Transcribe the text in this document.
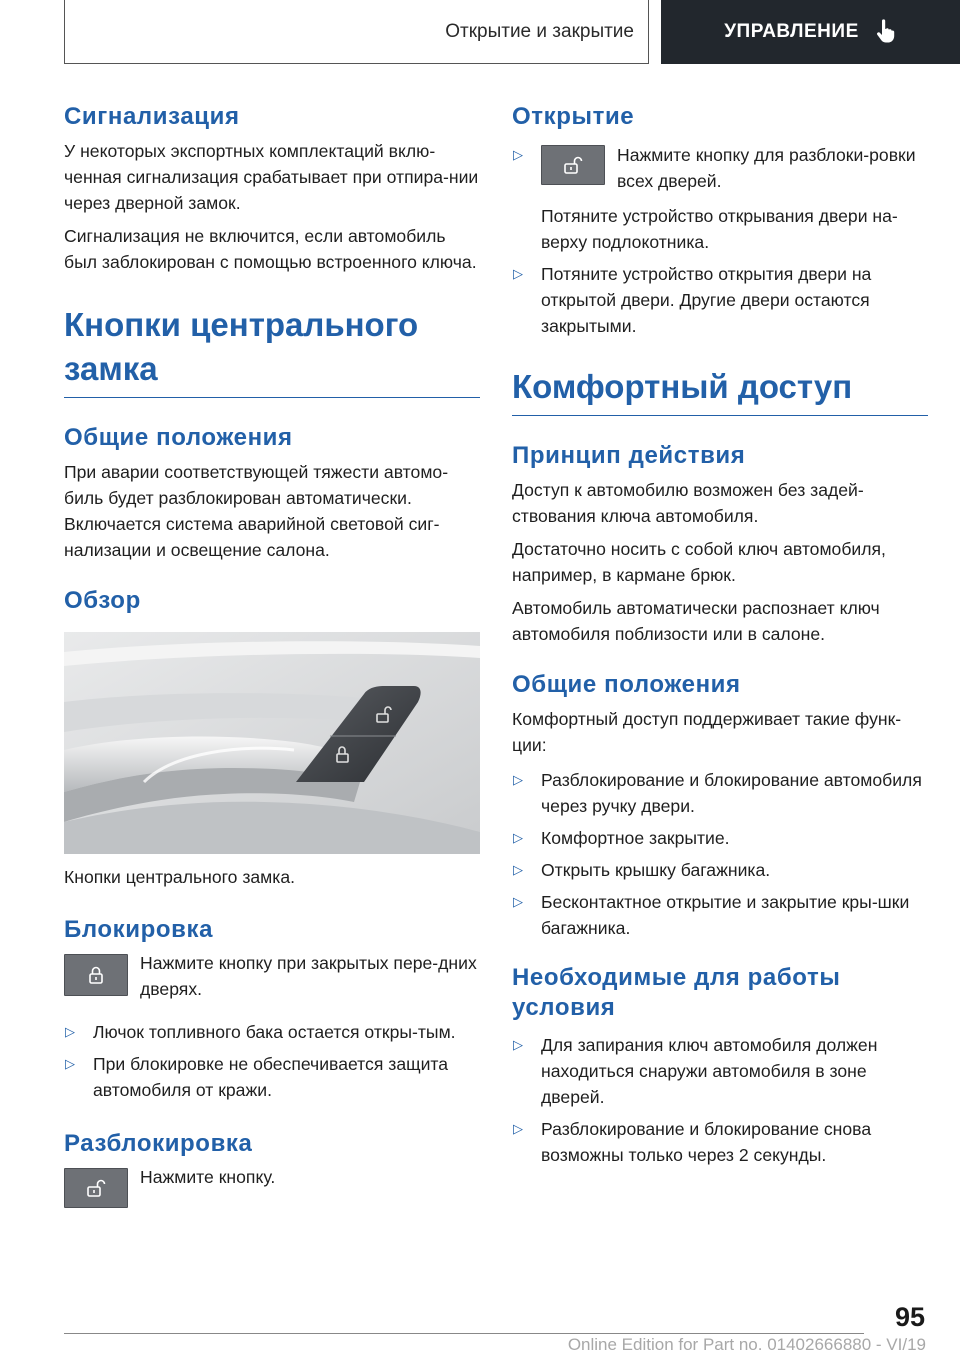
Открытие и закрытие	УПРАВЛЕНИЕ
Сигнализация
У некоторых экспортных комплектаций вклю-ченная сигнализация срабатывает при отпира-нии через дверной замок.
Сигнализация не включится, если автомобиль был заблокирован с помощью встроенного ключа.
Кнопки центрального замка
Общие положения
При аварии соответствующей тяжести автомо-биль будет разблокирован автоматически. Включается система аварийной световой сиг-нализации и освещение салона.
Обзор
Кнопки центрального замка.
Блокировка
Нажмите кнопку при закрытых пере-дних дверях.
▷	Лючок топливного бака остается откры-тым.
▷	При блокировке не обеспечивается защита автомобиля от кражи.
Разблокировка
Нажмите кнопку.
Открытие
▷	Нажмите кнопку для разблоки-ровки всех дверей.
Потяните устройство открывания двери на-верху подлокотника.
▷	Потяните устройство открытия двери на открытой двери. Другие двери остаются закрытыми.
Комфортный доступ
Принцип действия
Доступ к автомобилю возможен без задей-ствования ключа автомобиля.
Достаточно носить с собой ключ автомобиля, например, в кармане брюк.
Автомобиль автоматически распознает ключ автомобиля поблизости или в салоне.
Общие положения
Комфортный доступ поддерживает такие функ-ции:
▷	Разблокирование и блокирование автомобиля через ручку двери.
▷	Комфортное закрытие.
▷	Открыть крышку багажника.
▷	Бесконтактное открытие и закрытие кры-шки багажника.
Необходимые для работы условия
▷	Для запирания ключ автомобиля должен находиться снаружи автомобиля в зоне дверей.
▷	Разблокирование и блокирование снова возможны только через 2 секунды.
95
Online Edition for Part no. 01402666880 - VI/19
